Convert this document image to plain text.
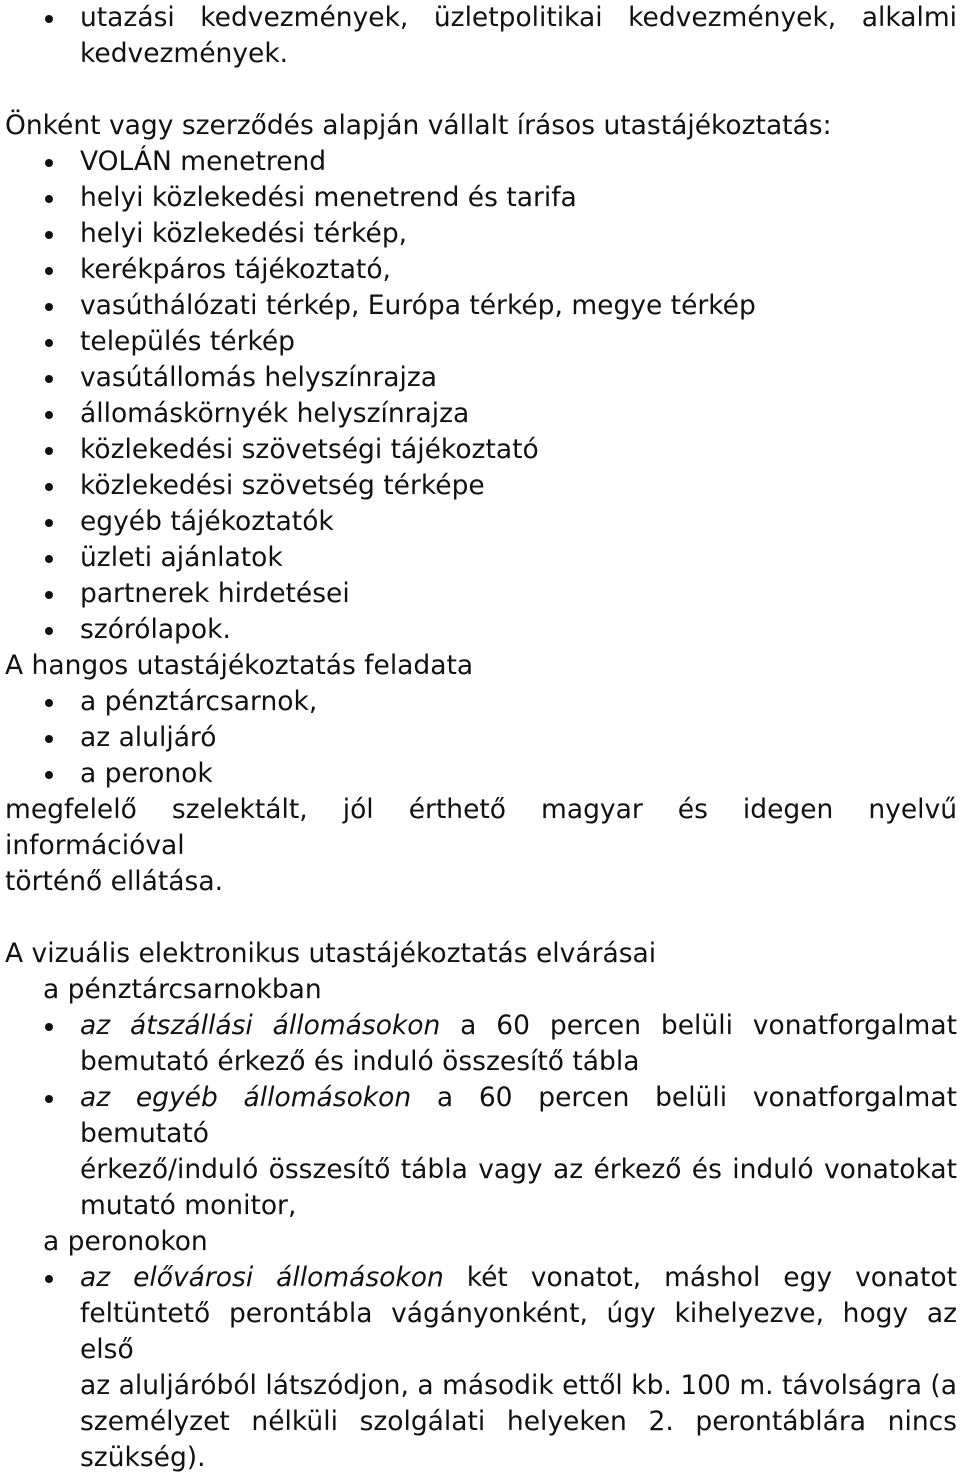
utazási kedvezmények, üzletpolitikai kedvezmények, alkalmi
kedvezmények.

Önként vagy szerződés alapján vállalt írásos utastájékoztatás:

VOLÁN menetrend
helyi közlekedési menetrend és tarifa
helyi közlekedési térkép,
kerékpáros tájékoztató,
vasúthálózati térkép, Európa térkép, megye térkép
település térkép
vasútállomás helyszínrajza
állomáskörnyék helyszínrajza
közlekedési szövetségi tájékoztató
közlekedési szövetség térképe
egyéb tájékoztatók
üzleti ajánlatok
partnerek hirdetései
szórólapok.

A hangos utastájékoztatás feladata

a pénztárcsarnok,
az aluljáró
a peronok

megfelelő szelektált, jól érthető magyar és idegen nyelvű információval

történő ellátása.

A vizuális elektronikus utastájékoztatás elvárásai

a pénztárcsarnokban

az átszállási állomásokon a 60 percen belüli vonatforgalmat
bemutató érkező és induló összesítő tábla
az egyéb állomásokon a 60 percen belüli vonatforgalmat bemutató
érkező/induló összesítő tábla vagy az érkező és induló vonatokat
mutató monitor,

a peronokon

az elővárosi állomásokon két vonatot, máshol egy vonatot
feltüntető perontábla vágányonként, úgy kihelyezve, hogy az első
az aluljáróból látszódjon, a második ettől kb. 100 m. távolságra (a
személyzet nélküli szolgálati helyeken 2. perontáblára nincs
szükség).
